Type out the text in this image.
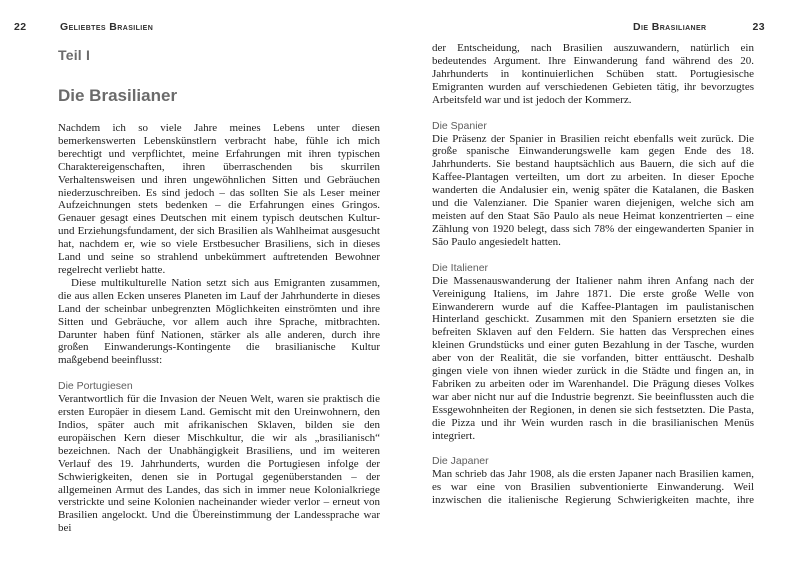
22	Geliebtes Brasilien
Teil I
Die Brasilianer

Nachdem ich so viele Jahre meines Lebens unter diesen bemerkenswerten Lebenskünstlern verbracht habe, fühle ich mich berechtigt und verpflichtet, meine Erfahrungen mit ihren typischen Charaktereigenschaften, ihren überraschenden bis skurrilen Verhaltensweisen und ihren ungewöhnlichen Sitten und Gebräuchen niederzuschreiben. Es sind jedoch – das sollten Sie als Leser meiner Aufzeichnungen stets bedenken – die Erfahrungen eines Gringos. Genauer gesagt eines Deutschen mit einem typisch deutschen Kultur- und Erziehungsfundament, der sich Brasilien als Wahlheimat ausgesucht hat, nachdem er, wie so viele Erstbesucher Brasiliens, sich in dieses Land und seine so strahlend unbekümmert auftretenden Bewohner regelrecht verliebt hatte.

Diese multikulturelle Nation setzt sich aus Emigranten zusammen, die aus allen Ecken unseres Planeten im Lauf der Jahrhunderte in dieses Land der scheinbar unbegrenzten Möglichkeiten einströmten und ihre Sitten und Gebräuche, vor allem auch ihre Sprache, mitbrachten. Darunter haben fünf Nationen, stärker als alle anderen, durch ihre großen Einwanderungs-Kontingente die brasilianische Kultur maßgebend beeinflusst:

Die Portugiesen

Verantwortlich für die Invasion der Neuen Welt, waren sie praktisch die ersten Europäer in diesem Land. Gemischt mit den Ureinwohnern, den Indios, später auch mit afrikanischen Sklaven, bilden sie den europäischen Kern dieser Mischkultur, die wir als „brasilianisch“ bezeichnen. Nach der Unabhängigkeit Brasiliens, und im weiteren Verlauf des 19. Jahrhunderts, wurden die Portugiesen infolge der Schwierigkeiten, denen sie in Portugal gegenüberstanden – der allgemeinen Armut des Landes, das sich in immer neue Kolonialkriege verstrickte und seine Kolonien nacheinander wieder verlor – erneut von Brasilien angelockt. Und die Übereinstimmung der Landessprache war bei

Die Brasilianer	23

der Entscheidung, nach Brasilien auszuwandern, natürlich ein bedeutendes Argument. Ihre Einwanderung fand während des 20. Jahrhunderts in kontinuierlichen Schüben statt. Portugiesische Emigranten wurden auf verschiedenen Gebieten tätig, ihr bevorzugtes Arbeitsfeld war und ist jedoch der Kommerz.

Die Spanier

Die Präsenz der Spanier in Brasilien reicht ebenfalls weit zurück. Die große spanische Einwanderungswelle kam gegen Ende des 18. Jahrhunderts. Sie bestand hauptsächlich aus Bauern, die sich auf die Kaffee-Plantagen verteilten, um dort zu arbeiten. In dieser Epoche wanderten die Andalusier ein, wenig später die Katalanen, die Basken und die Valenzianer. Die Spanier waren diejenigen, welche sich am meisten auf den Staat São Paulo als neue Heimat konzentrierten – eine Zählung von 1920 belegt, dass sich 78% der eingewanderten Spanier in São Paulo angesiedelt hatten.

Die Italiener

Die Massenauswanderung der Italiener nahm ihren Anfang nach der Vereinigung Italiens, im Jahre 1871. Die erste große Welle von Einwanderern wurde auf die Kaffee-Plantagen im paulistanischen Hinterland geschickt. Zusammen mit den Spaniern ersetzten sie die befreiten Sklaven auf den Feldern. Sie hatten das Versprechen eines kleinen Grundstücks und einer guten Bezahlung in der Tasche, wurden aber von der Realität, die sie vorfanden, bitter enttäuscht. Deshalb gingen viele von ihnen wieder zurück in die Städte und fingen an, in Fabriken zu arbeiten oder im Warenhandel. Die Prägung dieses Volkes war aber nicht nur auf die Industrie begrenzt. Sie beeinflussten auch die Essgewohnheiten der Regionen, in denen sie sich festsetzten. Die Pasta, die Pizza und ihr Wein wurden rasch in die brasilianischen Menüs integriert.

Die Japaner

Man schrieb das Jahr 1908, als die ersten Japaner nach Brasilien kamen, es war eine von Brasilien subventionierte Einwanderung. Weil inzwischen die italienische Regierung Schwierigkeiten machte, ihre
